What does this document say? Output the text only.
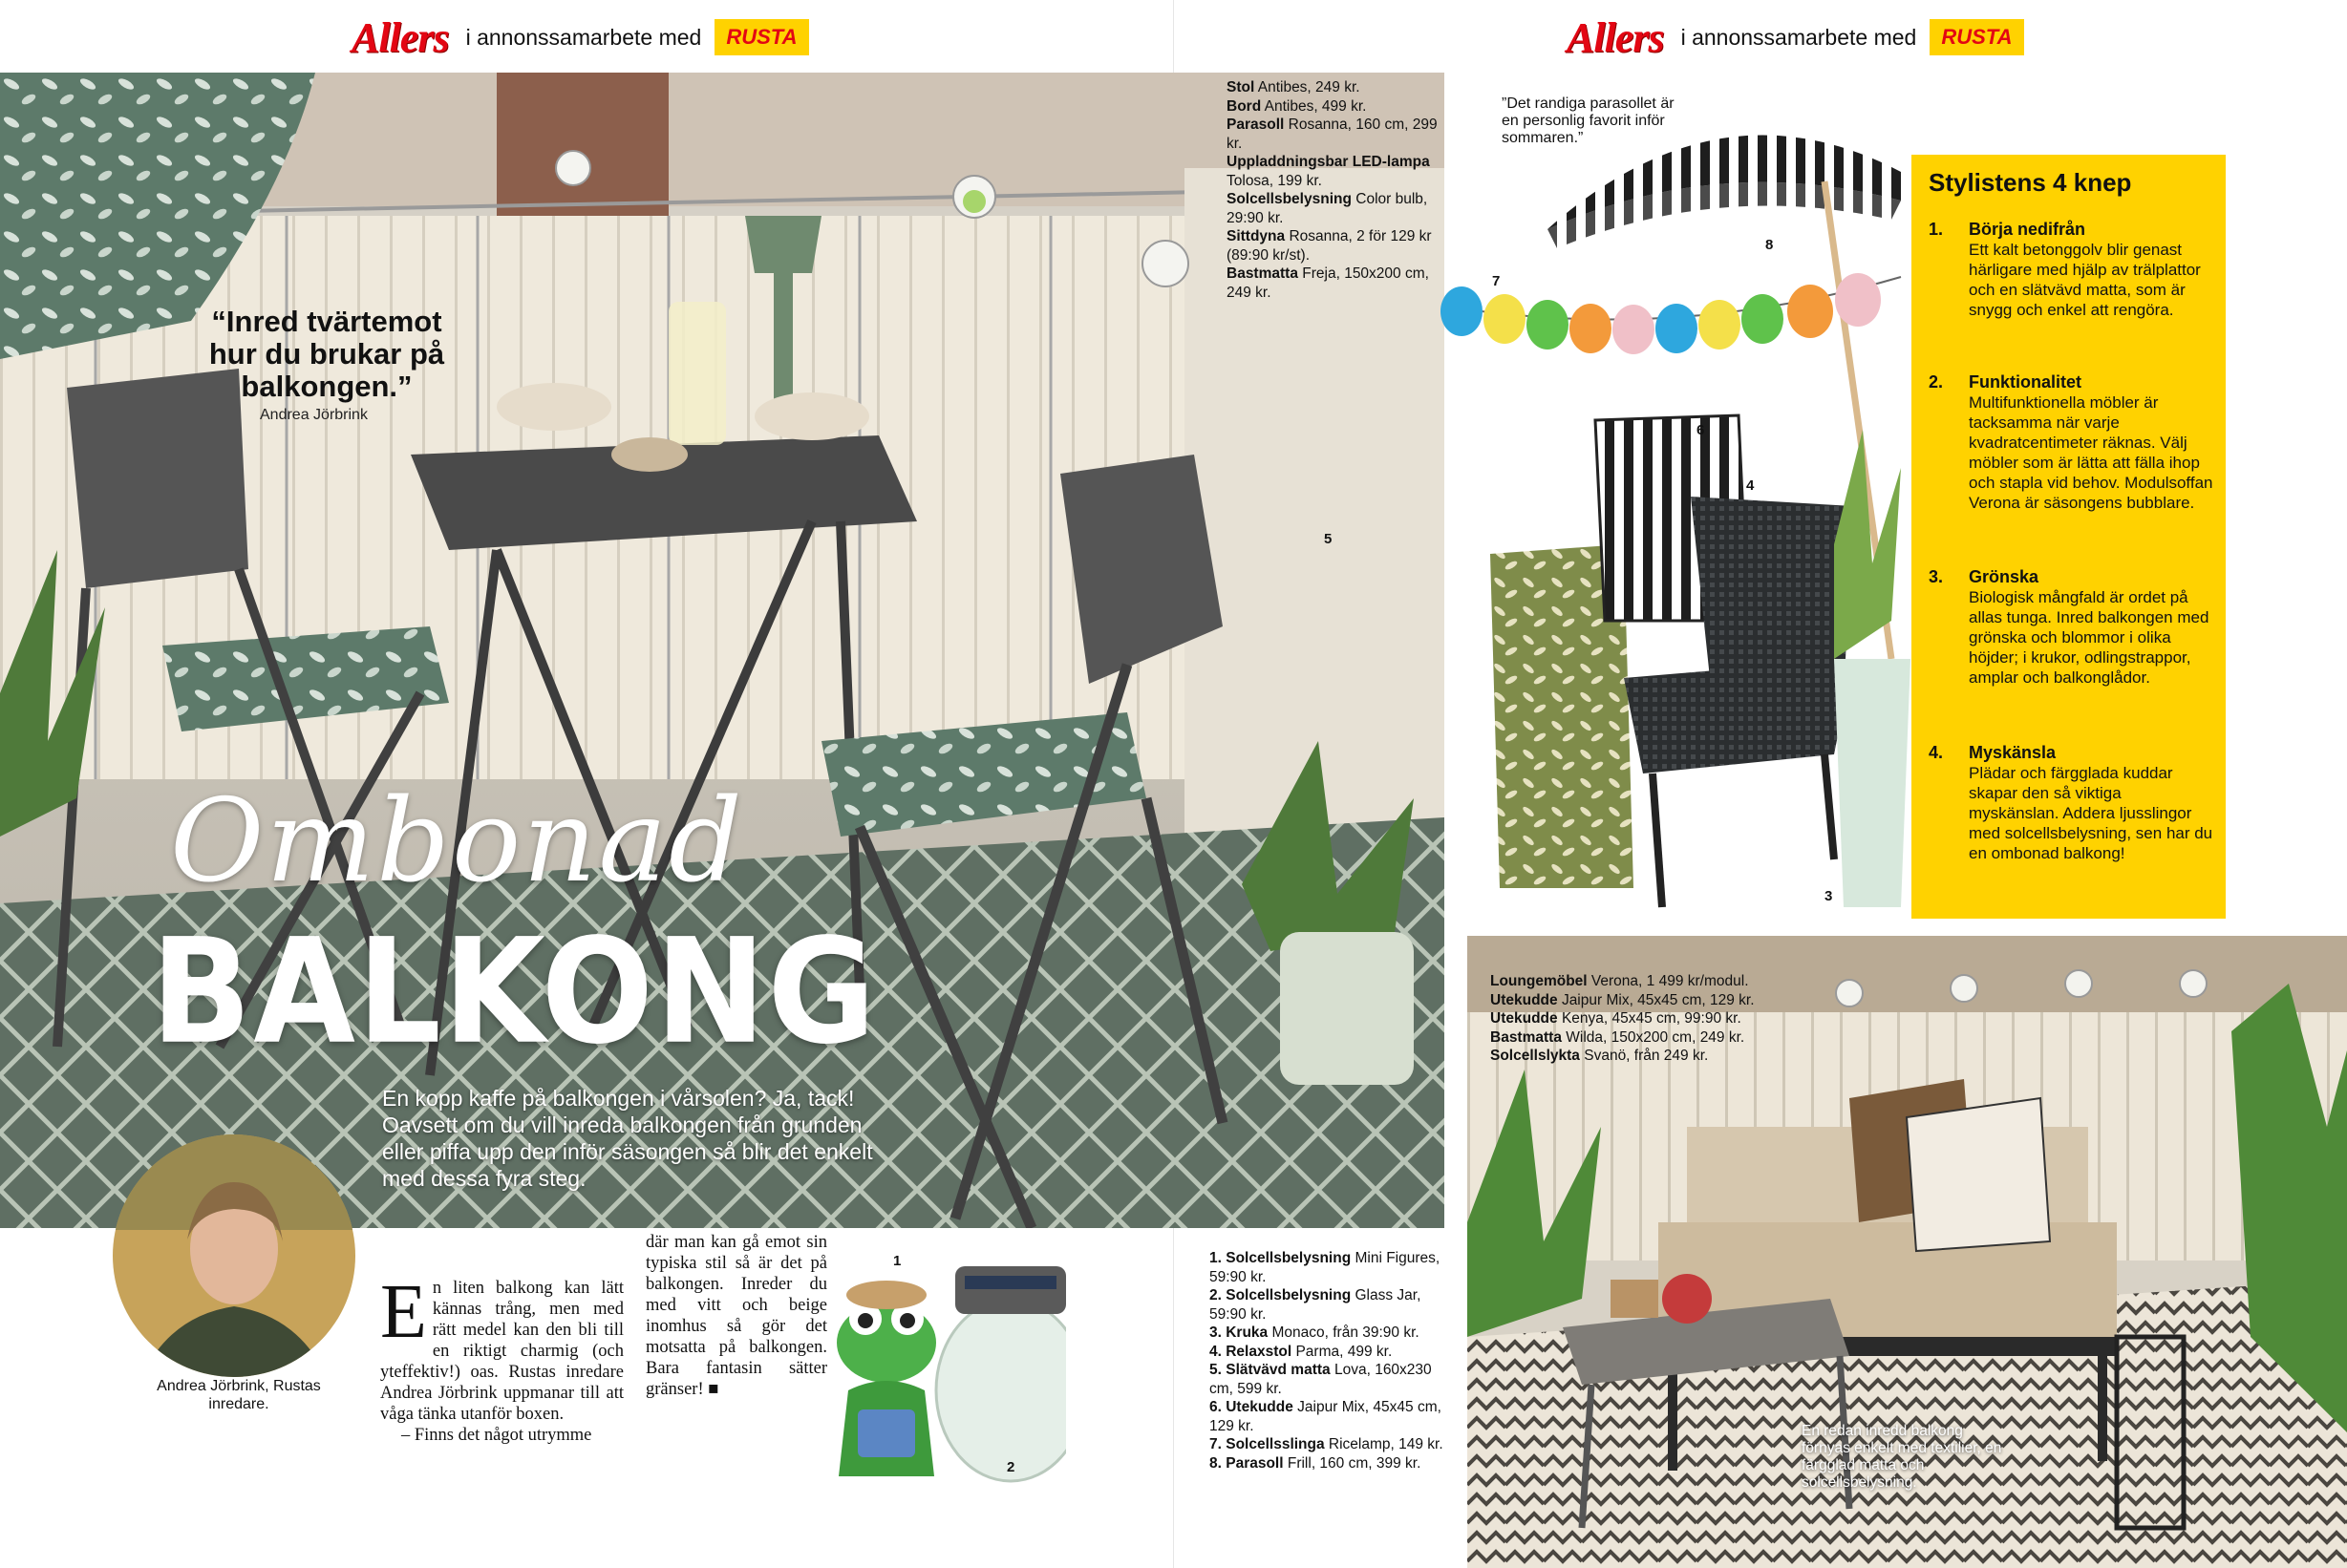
Allers i annonssamarbete med	RUSTA	Allers i annonssamarbete med	RUSTA
“Inred tvärtemot hur du brukar på balkongen.”
Andrea Jörbrink
Stol Antibes, 249 kr.
Bord Antibes, 499 kr.
Parasoll Rosanna, 160 cm, 299 kr.
Uppladdningsbar LED-lampa Tolosa, 199 kr.
Solcellsbelysning Color bulb, 29:90 kr.
Sittdyna Rosanna, 2 för 129 kr (89:90 kr/st).
Bastmatta Freja, 150x200 cm, 249 kr.
Ombonad
BALKONG
En kopp kaffe på balkongen i vårsolen? Ja, tack! Oavsett om du vill inreda balkongen från grunden eller piffa upp den inför säsongen så blir det enkelt med dessa fyra steg.
Andrea Jörbrink, Rustas inredare.
En liten balkong kan lätt kännas trång, men med rätt medel kan den bli till en riktigt charmig (och yteffektiv!) oas. Rustas inredare Andrea Jörbrink uppmanar till att våga tänka utanför boxen.
– Finns det något utrymme
där man kan gå emot sin typiska stil så är det på balkongen. Inreder du med vitt och beige inomhus så gör det motsatta på balkongen. Bara fantasin sätter gränser! ■
1. Solcellsbelysning Mini Figures, 59:90 kr.
2. Solcellsbelysning Glass Jar, 59:90 kr.
3. Kruka Monaco, från 39:90 kr.
4. Relaxstol Parma, 499 kr.
5. Slätvävd matta Lova, 160x230 cm, 599 kr.
6. Utekudde Jaipur Mix, 45x45 cm, 129 kr.
7. Solcellsslinga Ricelamp, 149 kr.
8. Parasoll Frill, 160 cm, 399 kr.
”Det randiga parasollet är en personlig favorit inför sommaren.”
1
2
3
4
5
6
7
8
Stylistens 4 knep
1. Börja nedifrån
Ett kalt betonggolv blir genast härligare med hjälp av trälplattor och en slätvävd matta, som är snygg och enkel att rengöra.
2. Funktionalitet
Multifunktionella möbler är tacksamma när varje kvadratcentimeter räknas. Välj möbler som är lätta att fälla ihop och stapla vid behov. Modulsoffan Verona är säsongens bubblare.
3. Grönska
Biologisk mångfald är ordet på allas tunga. Inred balkongen med grönska och blommor i olika höjder; i krukor, odlingstrappor, amplar och balkonglådor.
4. Myskänsla
Plädar och färgglada kuddar skapar den så viktiga myskänslan. Addera ljusslingor med solcellsbelysning, sen har du en ombonad balkong!
Loungemöbel Verona, 1 499 kr/modul.
Utekudde Jaipur Mix, 45x45 cm, 129 kr.
Utekudde Kenya, 45x45 cm, 99:90 kr.
Bastmatta Wilda, 150x200 cm, 249 kr.
Solcellslykta Svanö, från 249 kr.
En redan inredd balkong förnyas enkelt med textilier, en färgglad matta och solcellsbelysning.
